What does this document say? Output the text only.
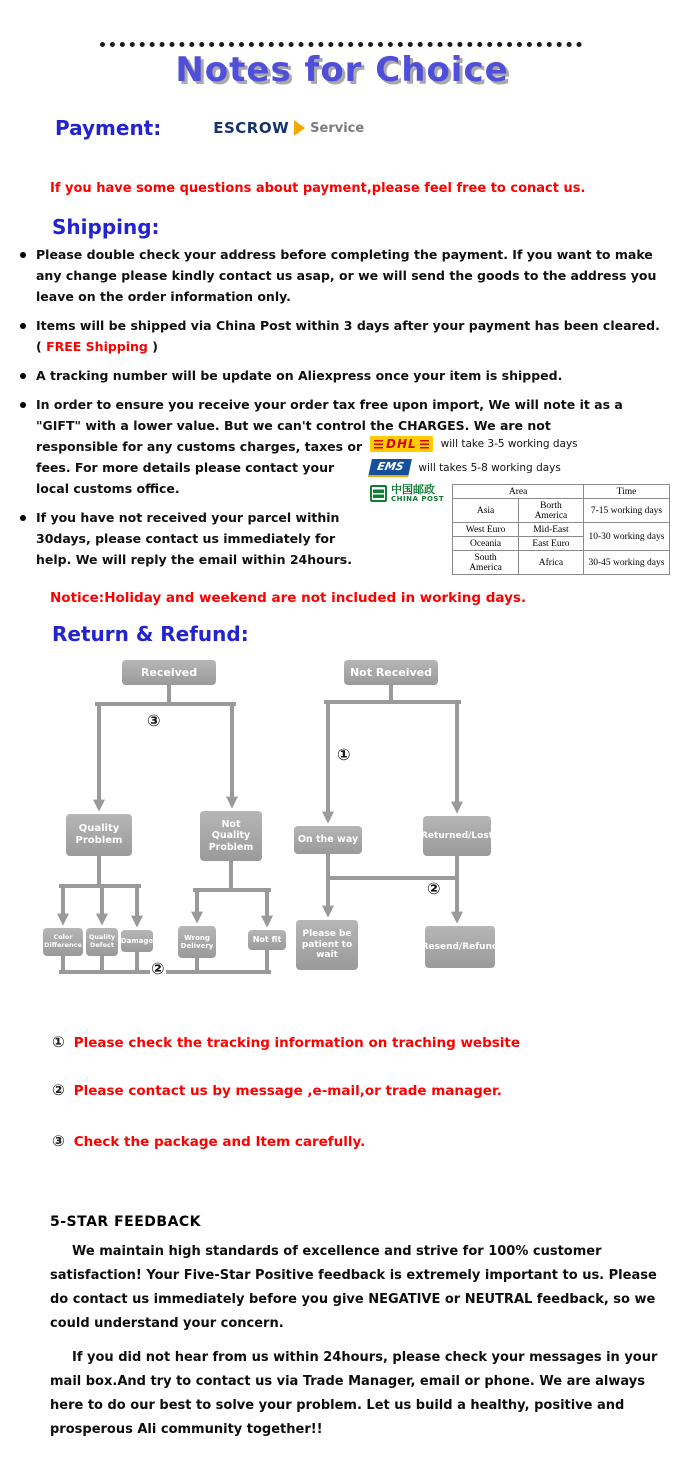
Notes for Choice
Payment:	ESCROW Service
If you have some questions about payment,please feel free to conact us.
Shipping:
Please double check your address before completing the payment. If you want to make any change please kindly contact us asap, or we will send the goods to the address you leave on the order information only.
Items will be shipped via China Post within 3 days after your payment has been cleared.
( FREE Shipping )
A tracking number will be update on Aliexpress once your item is shipped.
In order to ensure you receive your order tax free upon import, We will note it as a "GIFT" with a lower value. But we can't control the CHARGES. We are not
responsible for any customs charges, taxes or fees. For more details please contact your local customs office.
If you have not received your parcel within 30days, please contact us immediately for help. We will reply the email within 24hours.
DHL will take 3-5 working days
EMS	will takes 5-8 working days
中国邮政
CHINA POST
Area		Time
Asia	Borth America	7-15 working days
West Euro	Mid-East	10-30 working days
Oceania	East Euro	
South America	Africa	30-45 working days
Notice:Holiday and weekend are not included in working days.
Return & Refund:
Received	Not Received
Quality Problem
Not Quality Problem
On the way	Returned/Lost
Color Difference
Quality Defect
Damage	Wrong Delivery
Not fit
Please be patient to wait
Resend/Refund
③
①
②
②
① Please check the tracking information on traching website
② Please contact us by message ,e-mail,or trade manager.
③ Check the package and Item carefully.
5-STAR FEEDBACK
We maintain high standards of excellence and strive for 100% customer satisfaction! Your Five-Star Positive feedback is extremely important to us. Please do contact us immediately before you give NEGATIVE or NEUTRAL feedback, so we could understand your concern.
If you did not hear from us within 24hours, please check your messages in your mail box.And try to contact us via Trade Manager, email or phone. We are always here to do our best to solve your problem. Let us build a healthy, positive and prosperous Ali community together!!
